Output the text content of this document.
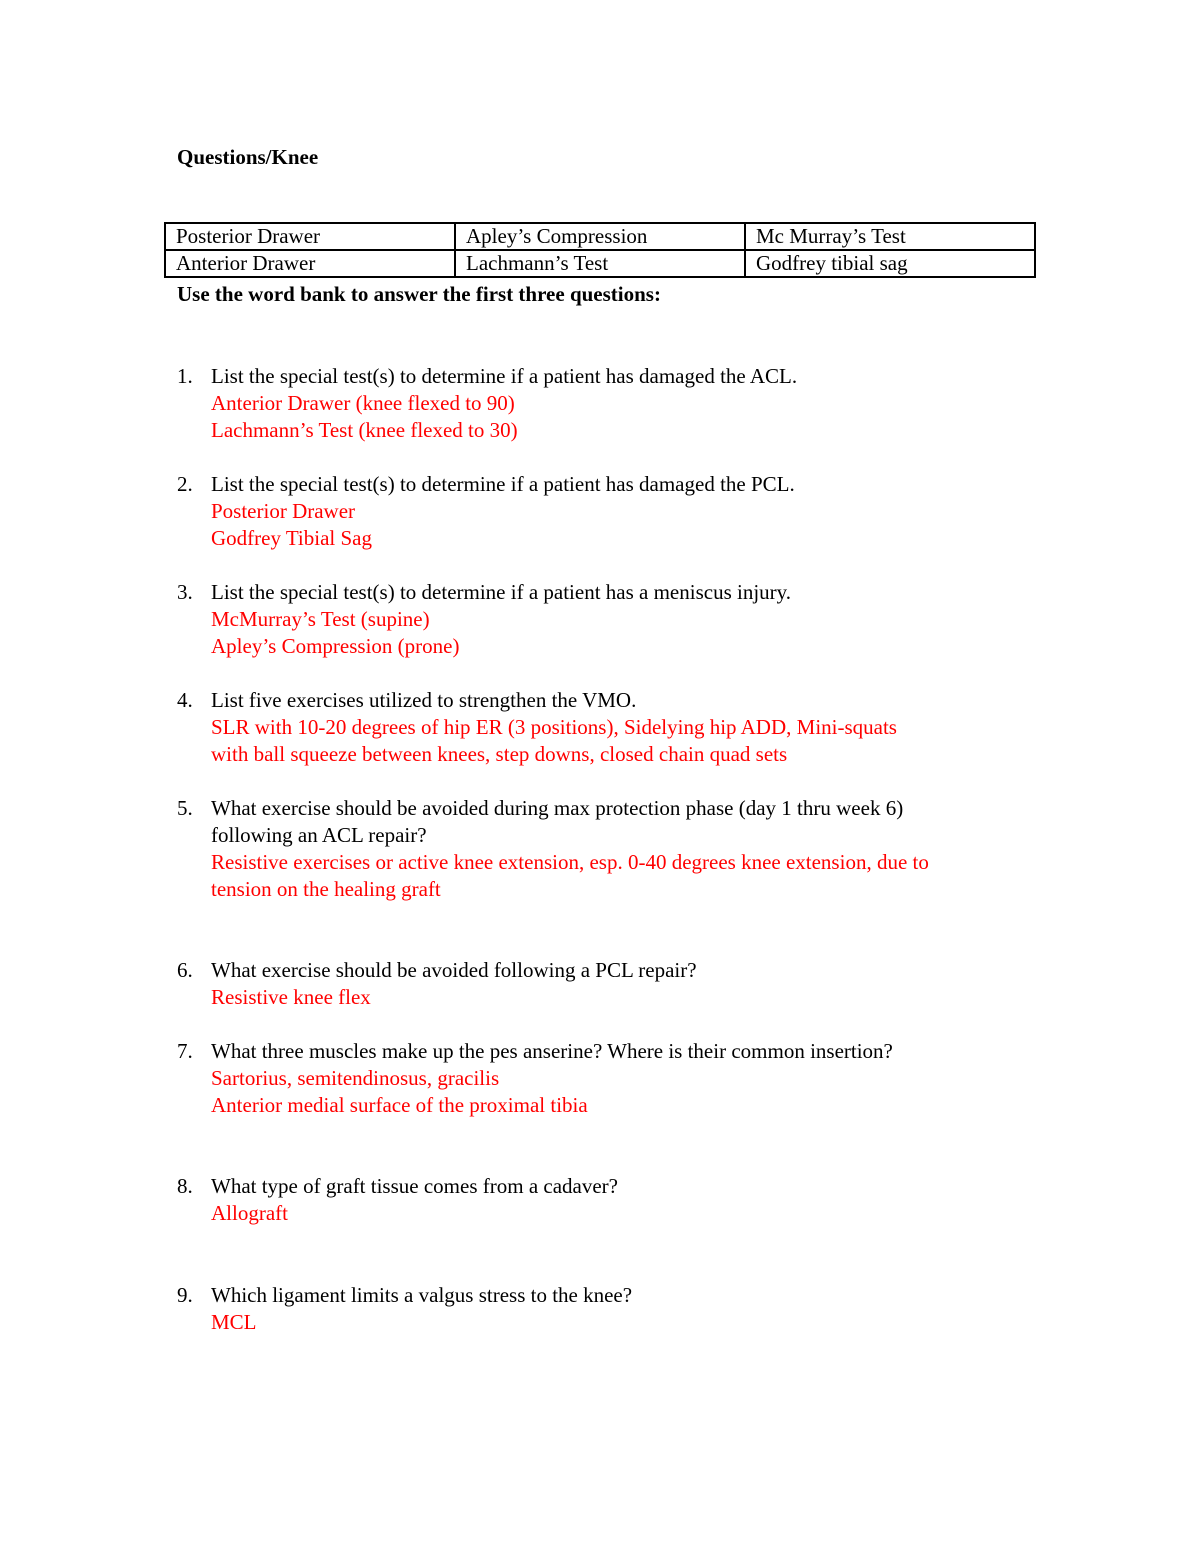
Questions/Knee
Posterior Drawer	Apley’s Compression	Mc Murray’s Test
Anterior Drawer	Lachmann’s Test	Godfrey tibial sag
Use the word bank to answer the first three questions:
1. List the special test(s) to determine if a patient has damaged the ACL.
Anterior Drawer (knee flexed to 90)
Lachmann’s Test (knee flexed to 30)
2. List the special test(s) to determine if a patient has damaged the PCL.
Posterior Drawer
Godfrey Tibial Sag
3. List the special test(s) to determine if a patient has a meniscus injury.
McMurray’s Test (supine)
Apley’s Compression (prone)
4. List five exercises utilized to strengthen the VMO.
SLR with 10-20 degrees of hip ER (3 positions), Sidelying hip ADD, Mini-squats
with ball squeeze between knees, step downs, closed chain quad sets
5. What exercise should be avoided during max protection phase (day 1 thru week 6)
following an ACL repair?
Resistive exercises or active knee extension, esp. 0-40 degrees knee extension, due to
tension on the healing graft
6. What exercise should be avoided following a PCL repair?
Resistive knee flex
7. What three muscles make up the pes anserine? Where is their common insertion?
Sartorius, semitendinosus, gracilis
Anterior medial surface of the proximal tibia
8. What type of graft tissue comes from a cadaver?
Allograft
9. Which ligament limits a valgus stress to the knee?
MCL
